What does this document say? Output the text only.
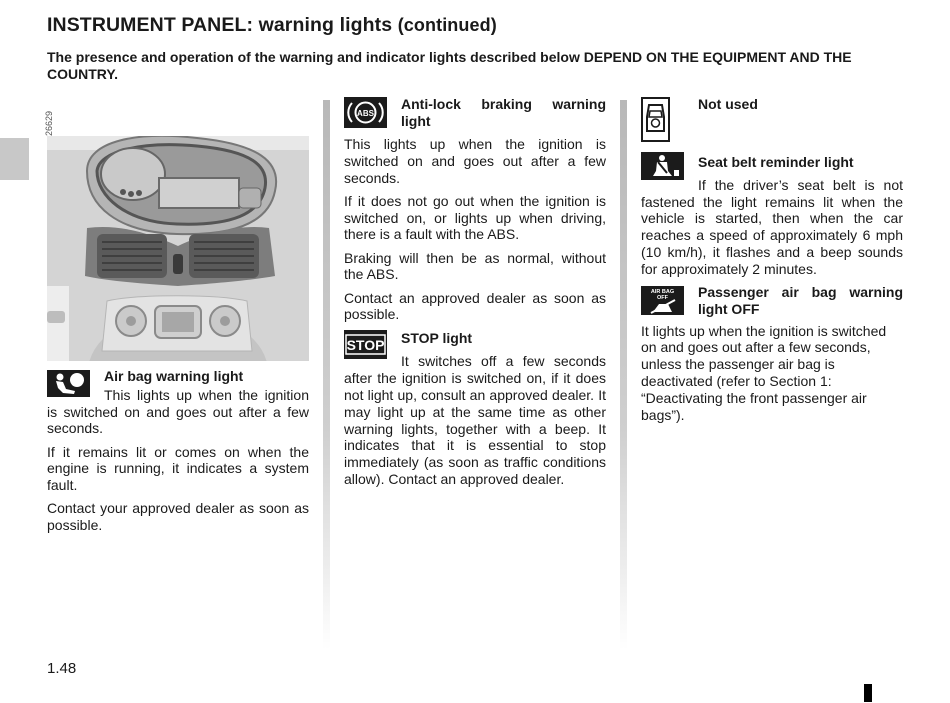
INSTRUMENT PANEL: warning lights (continued)
The presence and operation of the warning and indicator lights described below DEPEND ON THE EQUIPMENT AND THE COUNTRY.
26629
Air bag warning light

This lights up when the ignition is switched on and goes out after a few seconds.

If it remains lit or comes on when the engine is running, it indicates a system fault.

Contact your approved dealer as soon as possible.

ABS
Anti-lock braking warning light

This lights up when the ignition is switched on and goes out after a few seconds.

If it does not go out when the ignition is switched on, or lights up when driving, there is a fault with the ABS.

Braking will then be as normal, without the ABS.

Contact an approved dealer as soon as possible.

STOP	STOP light

It switches off a few seconds after the ignition is switched on, if it does not light up, consult an approved dealer. It may light up at the same time as other warning lights, together with a beep. It indicates that it is essential to stop immediately (as soon as traffic conditions allow). Contact an approved dealer.

Not used
Seat belt reminder light

If the driver’s seat belt is not fastened the light remains lit when the vehicle is started, then when the car reaches a speed of approximately 6 mph (10 km/h), it flashes and a beep sounds for approximately 2 minutes.

AIR BAG
OFF	Passenger air bag warning light OFF

It lights up when the ignition is switched on and goes out after a few seconds, unless the passenger air bag is deactivated (refer to Section 1: “Deactivating the front passenger air bags”).

1.48
